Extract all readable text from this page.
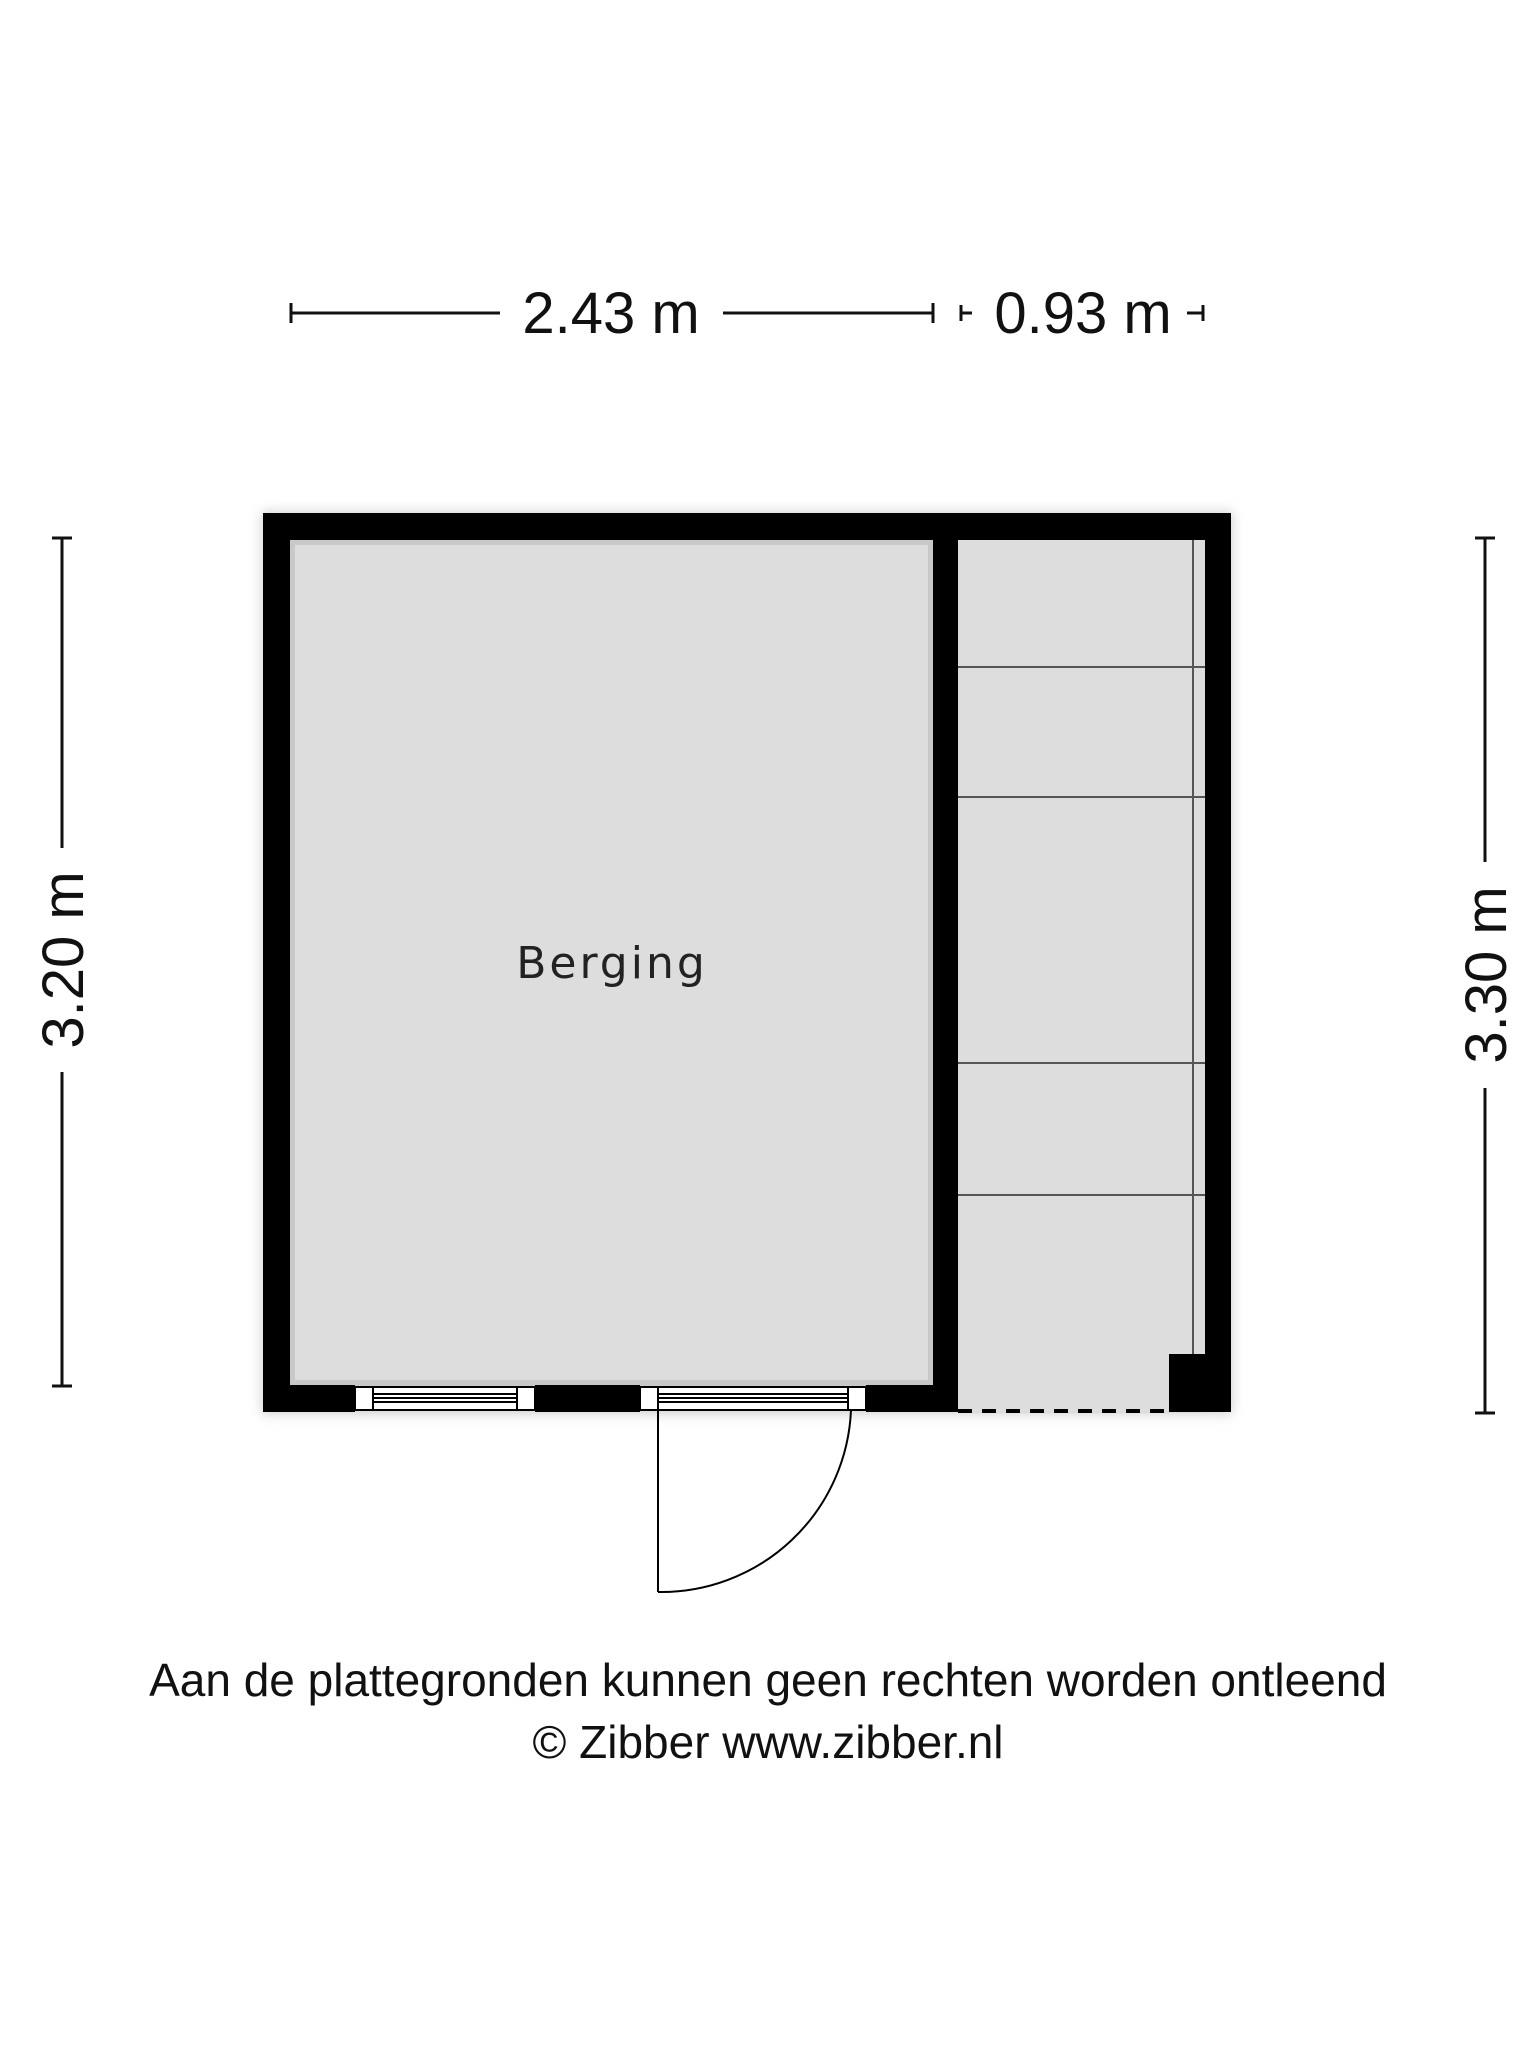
2.43 m	0.93 m
3.20 m	3.30 m
Berging
Aan de plattegronden kunnen geen rechten worden ontleend
© Zibber www.zibber.nl
